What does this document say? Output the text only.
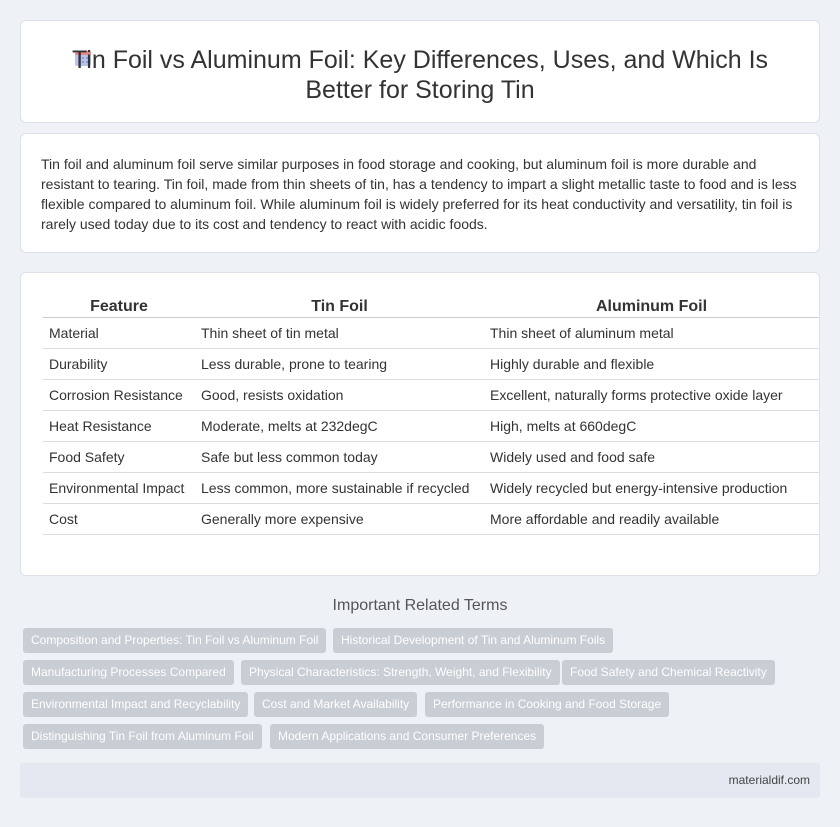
Tin Foil vs Aluminum Foil: Key Differences, Uses, and Which Is Better for Storing Tin

Tin foil and aluminum foil serve similar purposes in food storage and cooking, but aluminum foil is more durable and resistant to tearing. Tin foil, made from thin sheets of tin, has a tendency to impart a slight metallic taste to food and is less flexible compared to aluminum foil. While aluminum foil is widely preferred for its heat conductivity and versatility, tin foil is rarely used today due to its cost and tendency to react with acidic foods.

Feature	Tin Foil	Aluminum Foil
Material	Thin sheet of tin metal	Thin sheet of aluminum metal
Durability	Less durable, prone to tearing	Highly durable and flexible
Corrosion Resistance	Good, resists oxidation	Excellent, naturally forms protective oxide layer
Heat Resistance	Moderate, melts at 232degC	High, melts at 660degC
Food Safety	Safe but less common today	Widely used and food safe
Environmental Impact	Less common, more sustainable if recycled	Widely recycled but energy-intensive production
Cost	Generally more expensive	More affordable and readily available
Important Related Terms
Composition and Properties: Tin Foil vs Aluminum Foil	Historical Development of Tin and Aluminum Foils
Manufacturing Processes Compared	Physical Characteristics: Strength, Weight, and Flexibility	Food Safety and Chemical Reactivity
Environmental Impact and Recyclability	Cost and Market Availability	Performance in Cooking and Food Storage
Distinguishing Tin Foil from Aluminum Foil	Modern Applications and Consumer Preferences
materialdif.com
